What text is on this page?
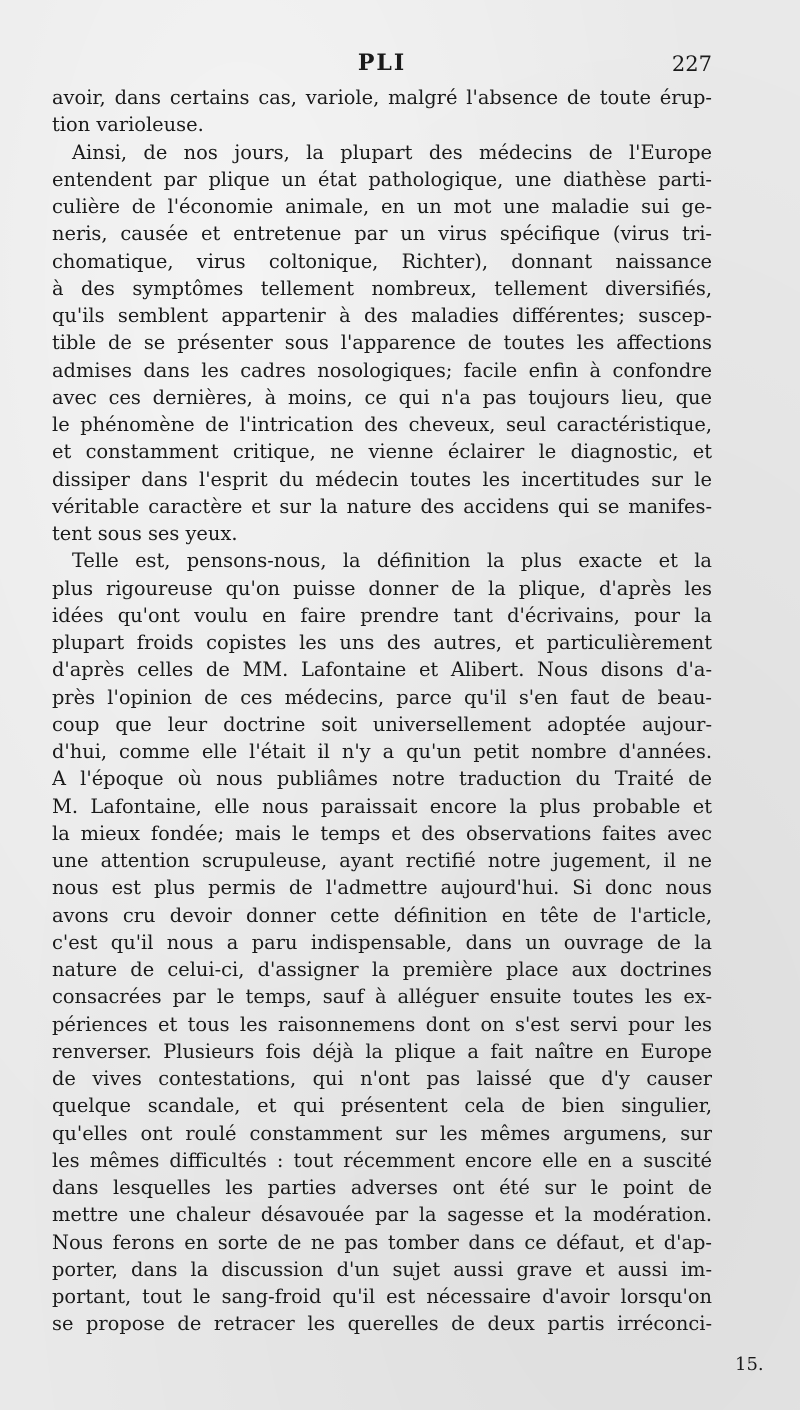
PLI	227
avoir, dans certains cas, variole, malgré l'absence de toute érup-
tion varioleuse.
Ainsi, de nos jours, la plupart des médecins de l'Europe
entendent par plique un état pathologique, une diathèse parti-
culière de l'économie animale, en un mot une maladie sui ge-
neris, causée et entretenue par un virus spécifique (virus tri-
chomatique, virus coltonique, Richter), donnant naissance
à des symptômes tellement nombreux, tellement diversifiés,
qu'ils semblent appartenir à des maladies différentes; suscep-
tible de se présenter sous l'apparence de toutes les affections
admises dans les cadres nosologiques; facile enfin à confondre
avec ces dernières, à moins, ce qui n'a pas toujours lieu, que
le phénomène de l'intrication des cheveux, seul caractéristique,
et constamment critique, ne vienne éclairer le diagnostic, et
dissiper dans l'esprit du médecin toutes les incertitudes sur le
véritable caractère et sur la nature des accidens qui se manifes-
tent sous ses yeux.
Telle est, pensons-nous, la définition la plus exacte et la
plus rigoureuse qu'on puisse donner de la plique, d'après les
idées qu'ont voulu en faire prendre tant d'écrivains, pour la
plupart froids copistes les uns des autres, et particulièrement
d'après celles de MM. Lafontaine et Alibert. Nous disons d'a-
près l'opinion de ces médecins, parce qu'il s'en faut de beau-
coup que leur doctrine soit universellement adoptée aujour-
d'hui, comme elle l'était il n'y a qu'un petit nombre d'années.
A l'époque où nous publiâmes notre traduction du Traité de
M. Lafontaine, elle nous paraissait encore la plus probable et
la mieux fondée; mais le temps et des observations faites avec
une attention scrupuleuse, ayant rectifié notre jugement, il ne
nous est plus permis de l'admettre aujourd'hui. Si donc nous
avons cru devoir donner cette définition en tête de l'article,
c'est qu'il nous a paru indispensable, dans un ouvrage de la
nature de celui-ci, d'assigner la première place aux doctrines
consacrées par le temps, sauf à alléguer ensuite toutes les ex-
périences et tous les raisonnemens dont on s'est servi pour les
renverser. Plusieurs fois déjà la plique a fait naître en Europe
de vives contestations, qui n'ont pas laissé que d'y causer
quelque scandale, et qui présentent cela de bien singulier,
qu'elles ont roulé constamment sur les mêmes argumens, sur
les mêmes difficultés : tout récemment encore elle en a suscité
dans lesquelles les parties adverses ont été sur le point de
mettre une chaleur désavouée par la sagesse et la modération.
Nous ferons en sorte de ne pas tomber dans ce défaut, et d'ap-
porter, dans la discussion d'un sujet aussi grave et aussi im-
portant, tout le sang-froid qu'il est nécessaire d'avoir lorsqu'on
se propose de retracer les querelles de deux partis irréconci-
15.
